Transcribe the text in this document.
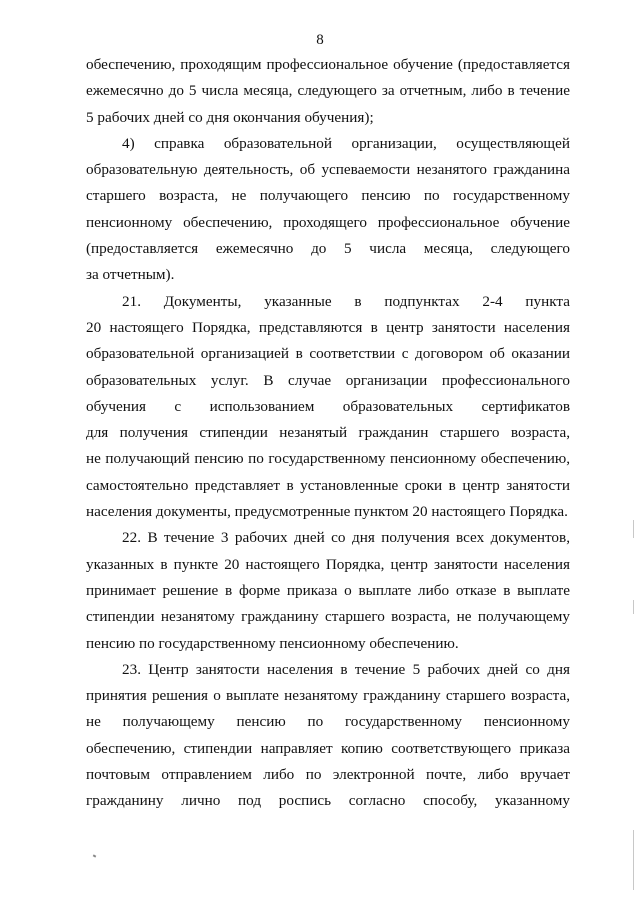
8
обеспечению, проходящим профессиональное обучение (предоставляется
ежемесячно до 5 числа месяца, следующего за отчетным, либо в течение
5 рабочих дней со дня окончания обучения);
4) справка образовательной организации, осуществляющей
образовательную деятельность, об успеваемости незанятого гражданина
старшего возраста, не получающего пенсию по государственному
пенсионному обеспечению, проходящего профессиональное обучение
(предоставляется ежемесячно до 5 числа месяца, следующего
за отчетным).
21. Документы, указанные в подпунктах 2-4 пункта
20 настоящего Порядка, представляются в центр занятости населения
образовательной организацией в соответствии с договором об оказании
образовательных услуг. В случае организации профессионального
обучения с использованием образовательных сертификатов
для получения стипендии незанятый гражданин старшего возраста,
не получающий пенсию по государственному пенсионному обеспечению,
самостоятельно представляет в установленные сроки в центр занятости
населения документы, предусмотренные пунктом 20 настоящего Порядка.
22. В течение 3 рабочих дней со дня получения всех документов,
указанных в пункте 20 настоящего Порядка, центр занятости населения
принимает решение в форме приказа о выплате либо отказе в выплате
стипендии незанятому гражданину старшего возраста, не получающему
пенсию по государственному пенсионному обеспечению.
23. Центр занятости населения в течение 5 рабочих дней со дня
принятия решения о выплате незанятому гражданину старшего возраста,
не получающему пенсию по государственному пенсионному
обеспечению, стипендии направляет копию соответствующего приказа
почтовым отправлением либо по электронной почте, либо вручает
гражданину лично под роспись согласно способу, указанному
